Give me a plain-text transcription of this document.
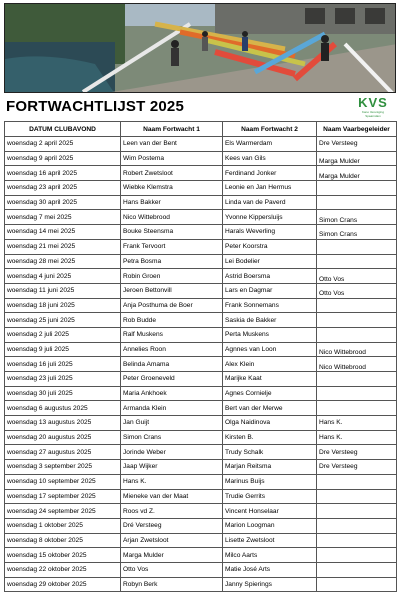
FORTWACHTLIJST 2025	KVS
Kano Vereniging Spaarndam
DATUM CLUBAVOND	Naam Fortwacht 1	Naam Fortwacht 2	Naam Vaarbegeleider

woensdag 2 april 2025	Leen van der Bent	Els Warmerdam	Dre Versteeg

woensdag 9 april 2025	Wim Postema	Kees van Gils	Marga Mulder

woensdag 16 april 2025	Robert Zwetsloot	Ferdinand Jonker	Marga Mulder

woensdag 23 april 2025	Wiebke Klemstra	Leonie en Jan Hermus	

woensdag 30 april 2025	Hans Bakker	Linda van de Paverd	

woensdag 7 mei 2025	Nico Wittebrood	Yvonne Kippersluijs	Simon Crans

woensdag 14 mei 2025	Bouke Steensma	Harals Weverling	Simon Crans

woensdag 21 mei 2025	Frank Tervoort	Peter Koorstra	

woensdag 28 mei 2025	Petra Bosma	Lei Bodelier	

woensdag 4 juni 2025	Robin Groen	Astrid Boersma	Otto Vos

woensdag 11 juni 2025	Jeroen Bettonvill	Lars en Dagmar	Otto Vos

woensdag 18 juni 2025	Anja Posthuma de Boer	Frank Sonnemans	

woensdag 25 juni 2025	Rob Budde	Saskia de Bakker	

woensdag 2 juli 2025	Ralf Muskens	Perta Muskens	

woensdag 9 juli 2025	Annelies Roon	Agnnes van Loon	Nico Wittebrood

woensdag 16 juli 2025	Belinda Amama	Alex Klein	Nico Wittebrood

woensdag 23 juli 2025	Peter Groeneveld	Marijke Kaat	

woensdag 30 juli 2025	Maria Ankhoek	Agnes Cornielje	

woensdag 6 augustus 2025	Armanda Klein	Bert van der Merwe	

woensdag 13 augustus 2025	Jan Guijt	Olga Naidinova	Hans K.

woensdag 20 augustus 2025	Simon Crans	Kirsten B.	Hans K.

woensdag 27 augustus 2025	Jorinde Weber	Trudy Schalk	Dre Versteeg

woensdag 3 september 2025	Jaap Wijker	Marjan Reitsma	Dre Versteeg

woensdag 10 september 2025	Hans K.	Marinus Buijs	

woensdag 17 september 2025	Mieneke van der Maat	Trudie Gerrits	

woensdag 24 september 2025	Roos vd Z.	Vincent Honselaar	

woensdag 1 oktober 2025	Dré Versteeg	Marion Loogman	

woensdag 8 oktober 2025	Arjan Zwetsloot	Lisette Zwetsloot	

woensdag 15 oktober 2025	Marga Mulder	Milco Aarts	

woensdag 22 oktober 2025	Otto Vos	Matie José Arts	

woensdag 29 oktober 2025	Robyn Berk	Janny Spierings	
